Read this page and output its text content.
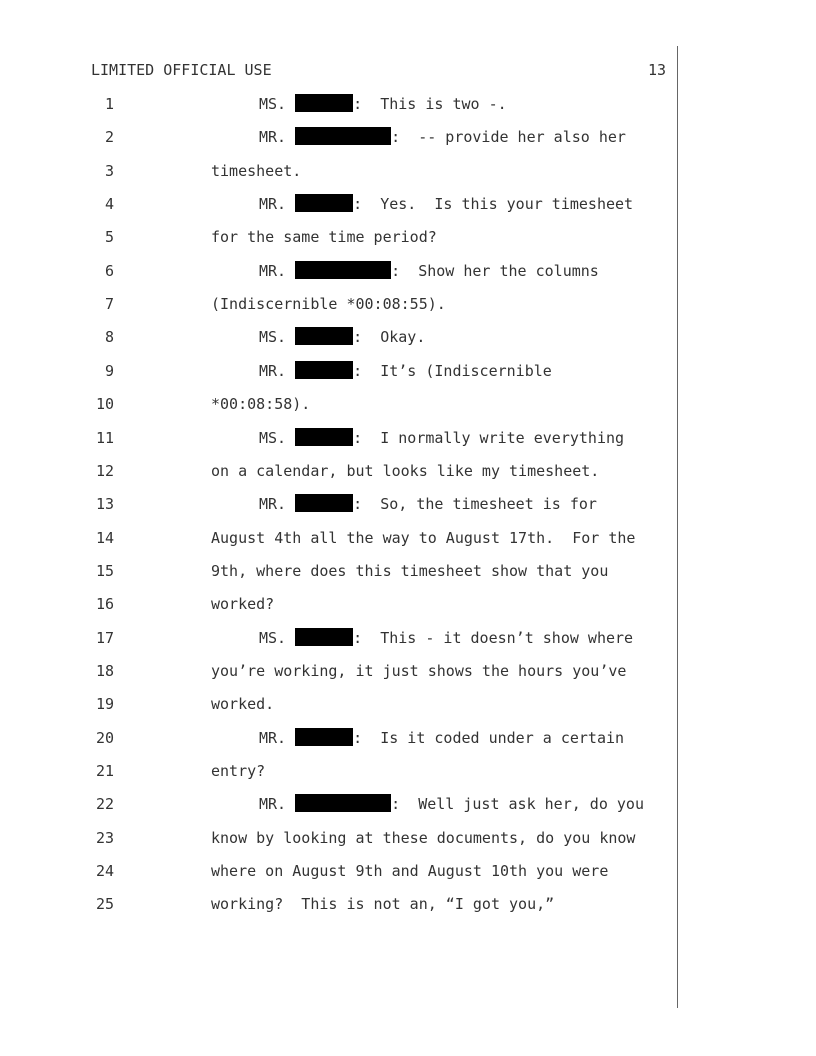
LIMITED OFFICIAL USE	13
1	MS.	:  This is two -.
2	MR.	:  -- provide her also her
3	timesheet.
4	MR.	:  Yes.  Is this your timesheet
5	for the same time period?
6	MR.	:  Show her the columns
7	(Indiscernible *00:08:55).
8	MS.	:  Okay.
9	MR.	:  It’s (Indiscernible
10	*00:08:58).
11	MS.	:  I normally write everything
12	on a calendar, but looks like my timesheet.
13	MR.	:  So, the timesheet is for
14	August 4th all the way to August 17th.  For the
15	9th, where does this timesheet show that you
16	worked?
17	MS.	:  This - it doesn’t show where
18	you’re working, it just shows the hours you’ve
19	worked.
20	MR.	:  Is it coded under a certain
21	entry?
22	MR.	:  Well just ask her, do you
23	know by looking at these documents, do you know
24	where on August 9th and August 10th you were
25	working?  This is not an, “I got you,”
